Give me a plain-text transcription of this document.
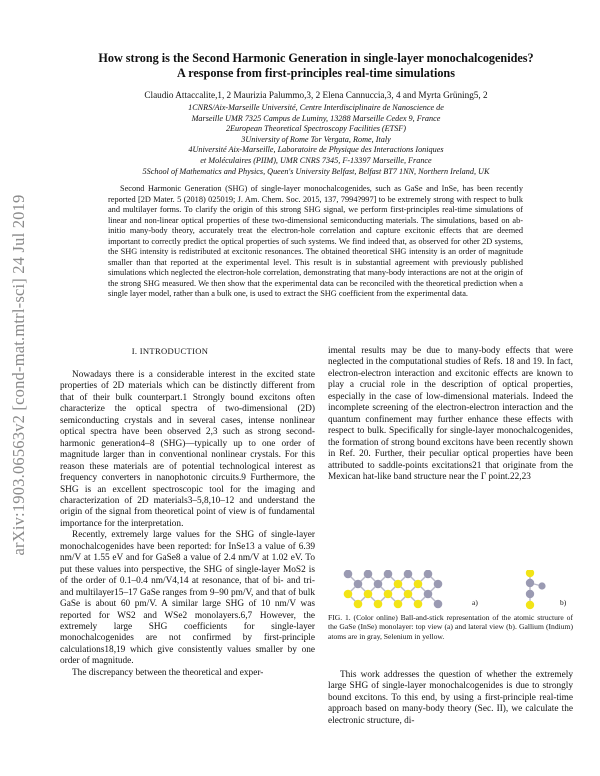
arXiv:1903.06563v2 [cond-mat.mtrl-sci] 24 Jul 2019
How strong is the Second Harmonic Generation in single-layer monochalcogenides?
A response from first-principles real-time simulations
Claudio Attaccalite,1, 2 Maurizia Palummo,3, 2 Elena Cannuccia,3, 4 and Myrta Grüning5, 2
1CNRS/Aix-Marseille Université, Centre Interdisciplinaire de Nanoscience de
Marseille UMR 7325 Campus de Luminy, 13288 Marseille Cedex 9, France
2European Theoretical Spectroscopy Facilities (ETSF)
3University of Rome Tor Vergata, Rome, Italy
4Université Aix-Marseille, Laboratoire de Physique des Interactions Ioniques
et Moléculaires (PIIM), UMR CNRS 7345, F-13397 Marseille, France
5School of Mathematics and Physics, Queen's University Belfast, Belfast BT7 1NN, Northern Ireland, UK

Second Harmonic Generation (SHG) of single-layer monochalcogenides, such as GaSe and InSe, has been recently reported [2D Mater. 5 (2018) 025019; J. Am. Chem. Soc. 2015, 137, 7994?997] to be extremely strong with respect to bulk and multilayer forms. To clarify the origin of this strong SHG signal, we perform first-principles real-time simulations of linear and non-linear optical properties of these two-dimensional semiconducting materials. The simulations, based on ab-initio many-body theory, accurately treat the electron-hole correlation and capture excitonic effects that are deemed important to correctly predict the optical properties of such systems. We find indeed that, as observed for other 2D systems, the SHG intensity is redistributed at excitonic resonances. The obtained theoretical SHG intensity is an order of magnitude smaller than that reported at the experimental level. This result is in substantial agreement with previously published simulations which neglected the electron-hole correlation, demonstrating that many-body interactions are not at the origin of the strong SHG measured. We then show that the experimental data can be reconciled with the theoretical prediction when a single layer model, rather than a bulk one, is used to extract the SHG coefficient from the experimental data.

I. INTRODUCTION

Nowadays there is a considerable interest in the excited state properties of 2D materials which can be distinctly different from that of their bulk counterpart.1 Strongly bound excitons often characterize the optical spectra of two-dimensional (2D) semiconducting crystals and in several cases, intense nonlinear optical spectra have been observed 2,3 such as strong second-harmonic generation4–8 (SHG)—typically up to one order of magnitude larger than in conventional nonlinear crystals. For this reason these materials are of potential technological interest as frequency converters in nanophotonic circuits.9 Furthermore, the SHG is an excellent spectroscopic tool for the imaging and characterization of 2D materials3–5,8,10–12 and understand the origin of the signal from theoretical point of view is of fundamental importance for the interpretation.

Recently, extremely large values for the SHG of single-layer monochalcogenides have been reported: for InSe13 a value of 6.39 nm/V at 1.55 eV and for GaSe8 a value of 2.4 nm/V at 1.02 eV. To put these values into perspective, the SHG of single-layer MoS2 is of the order of 0.1–0.4 nm/V4,14 at resonance, that of bi- and tri- and multilayer15–17 GaSe ranges from 9–90 pm/V, and that of bulk GaSe is about 60 pm/V. A similar large SHG of 10 nm/V was reported for WS2 and WSe2 monolayers.6,7 However, the extremely large SHG coefficients for single-layer monochalcogenides are not confirmed by first-principle calculations18,19 which give consistently values smaller by one order of magnitude.

The discrepancy between the theoretical and exper-

imental results may be due to many-body effects that were neglected in the computational studies of Refs. 18 and 19. In fact, electron-electron interaction and excitonic effects are known to play a crucial role in the description of optical properties, especially in the case of low-dimensional materials. Indeed the incomplete screening of the electron-electron interaction and the quantum confinement may further enhance these effects with respect to bulk. Specifically for single-layer monochalcogenides, the formation of strong bound excitons have been recently shown in Ref. 20. Further, their peculiar optical properties have been attributed to saddle-points excitations21 that originate from the Mexican hat-like band structure near the Γ point.22,23

a)	b)
FIG. 1. (Color online) Ball-and-stick representation of the atomic structure of the GaSe (InSe) monolayer: top view (a) and lateral view (b). Gallium (Indium) atoms are in gray, Selenium in yellow.

This work addresses the question of whether the extremely large SHG of single-layer monochalcogenides is due to strongly bound excitons. To this end, by using a first-principle real-time approach based on many-body theory (Sec. II), we calculate the electronic structure, di-
